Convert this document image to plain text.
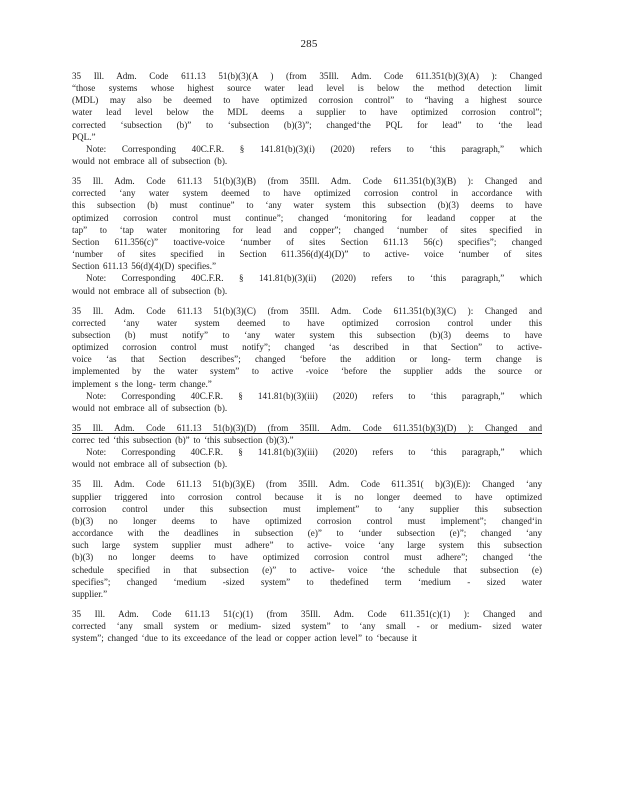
285
35 Ill. Adm. Code 611.13 51(b)(3)(A ) (from 35Ill. Adm. Code 611.351(b)(3)(A) ): Changed
“those systems whose highest source water lead level is below the method detection limit
(MDL) may also be deemed to have optimized corrosion control” to “having a highest source
water lead level below the MDL deems a supplier to have optimized corrosion control”;
corrected ‘subsection (b)” to ‘subsection (b)(3)”; changed‘the PQL for lead” to ‘the lead
PQL.”
Note: Corresponding 40C.F.R. § 141.81(b)(3)(i) (2020) refers to ‘this paragraph,” which
would not embrace all of subsection (b).
35 Ill. Adm. Code 611.13 51(b)(3)(B) (from 35Ill. Adm. Code 611.351(b)(3)(B) ): Changed and
corrected ‘any water system deemed to have optimized corrosion control in accordance with
this subsection (b) must continue” to ‘any water system this subsection (b)(3) deems to have
optimized corrosion control must continue”; changed ‘monitoring for leadand copper at the
tap” to ‘tap water monitoring for lead and copper”; changed ‘number of sites specified in
Section 611.356(c)” toactive-voice ‘number of sites Section 611.13 56(c) specifies”; changed
‘number of sites specified in Section 611.356(d)(4)(D)” to active- voice ‘number of sites
Section 611.13 56(d)(4)(D) specifies.”
Note: Corresponding 40C.F.R. § 141.81(b)(3)(ii) (2020) refers to ‘this paragraph,” which
would not embrace all of subsection (b).
35 Ill. Adm. Code 611.13 51(b)(3)(C) (from 35Ill. Adm. Code 611.351(b)(3)(C) ): Changed and
corrected ‘any water system deemed to have optimized corrosion control under this
subsection (b) must notify” to ‘any water system this subsection (b)(3) deems to have
optimized corrosion control must notify”; changed ‘as described in that Section” to active-
voice ‘as that Section describes”; changed ‘before the addition or long- term change is
implemented by the water system” to active -voice ‘before the supplier adds the source or
implement s the long- term change.”
Note: Corresponding 40C.F.R. § 141.81(b)(3)(iii) (2020) refers to ‘this paragraph,” which
would not embrace all of subsection (b).
35 Ill. Adm. Code 611.13 51(b)(3)(D) (from 35Ill. Adm. Code 611.351(b)(3)(D) ): Changed and
correc ted ‘this subsection (b)” to ‘this subsection (b)(3).”
Note: Corresponding 40C.F.R. § 141.81(b)(3)(iii) (2020) refers to ‘this paragraph,” which
would not embrace all of subsection (b).
35 Ill. Adm. Code 611.13 51(b)(3)(E) (from 35Ill. Adm. Code 611.351( b)(3)(E)): Changed ‘any
supplier triggered into corrosion control because it is no longer deemed to have optimized
corrosion control under this subsection must implement” to ‘any supplier this subsection
(b)(3) no longer deems to have optimized corrosion control must implement”; changed‘in
accordance with the deadlines in subsection (e)” to ‘under subsection (e)”; changed ‘any
such large system supplier must adhere” to active- voice ‘any large system this subsection
(b)(3) no longer deems to have optimized corrosion control must adhere”; changed ‘the
schedule specified in that subsection (e)” to active- voice ‘the schedule that subsection (e)
specifies”; changed ‘medium -sized system” to thedefined term ‘medium - sized water
supplier.”
35 Ill. Adm. Code 611.13 51(c)(1) (from 35Ill. Adm. Code 611.351(c)(1) ): Changed and
corrected ‘any small system or medium- sized system” to ‘any small - or medium- sized water
system”; changed ‘due to its exceedance of the lead or copper action level” to ‘because it
